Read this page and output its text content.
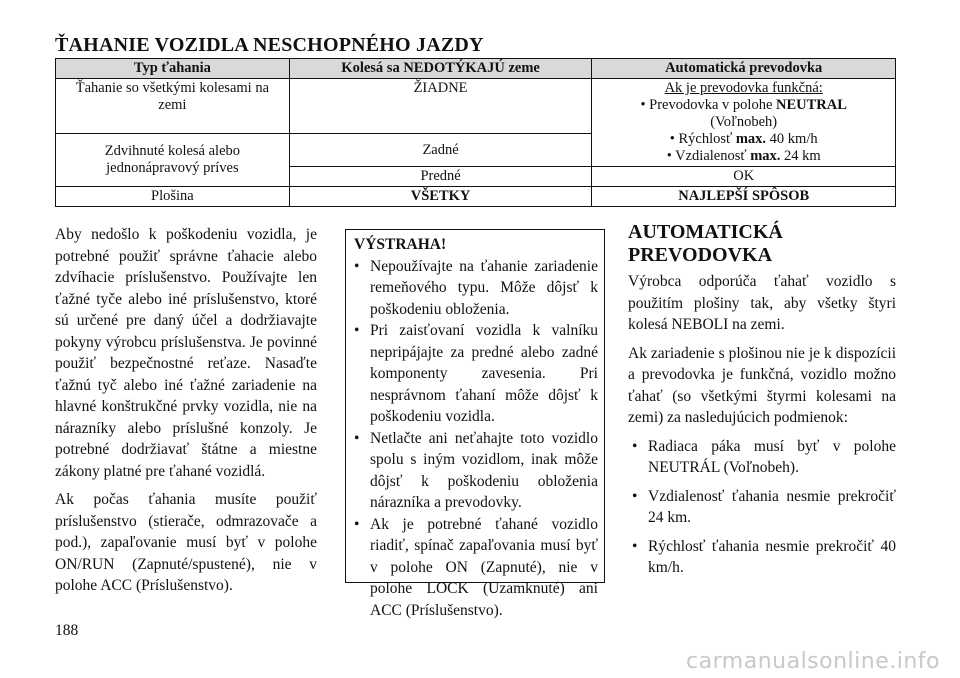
ŤAHANIE VOZIDLA NESCHOPNÉHO JAZDY
Typ ťahania	Kolesá sa NEDOTÝKAJÚ zeme	Automatická prevodovka
Ťahanie so všetkými kolesami na zemi	ŽIADNE	Ak je prevodovka funkčná:
• Prevodovka v polohe NEUTRAL
(Voľnobeh)
• Rýchlosť max. 40 km/h
• Vzdialenosť max. 24 km

Zdvihnuté kolesá alebo jednonápravový príves	Zadné	
	Predné	OK
Plošina	VŠETKY	NAJLEPŠÍ SPÔSOB

Aby nedošlo k poškodeniu vozidla, je potrebné použiť správne ťahacie alebo zdvíhacie príslušenstvo. Používajte len ťažné tyče alebo iné príslušenstvo, ktoré sú určené pre daný účel a dodržiavajte pokyny výrobcu príslušenstva. Je povinné použiť bezpečnostné reťaze. Nasaďte ťažnú tyč alebo iné ťažné zariadenie na hlavné konštrukčné prvky vozidla, nie na nárazníky alebo príslušné konzoly. Je potrebné dodržiavať štátne a miestne zákony platné pre ťahané vozidlá.

Ak počas ťahania musíte použiť príslušenstvo (stierače, odmrazovače a pod.), zapaľovanie musí byť v polohe ON/RUN (Zapnuté/spustené), nie v polohe ACC (Príslušenstvo).

VÝSTRAHA!
• Nepoužívajte na ťahanie zariadenie remeňového typu. Môže dôjsť k poškodeniu obloženia.
• Pri zaisťovaní vozidla k valníku nepripájajte za predné alebo zadné komponenty zavesenia. Pri nesprávnom ťahaní môže dôjsť k poškodeniu vozidla.
• Netlačte ani neťahajte toto vozidlo spolu s iným vozidlom, inak môže dôjsť k poškodeniu obloženia nárazníka a prevodovky.
• Ak je potrebné ťahané vozidlo riadiť, spínač zapaľovania musí byť v polohe ON (Zapnuté), nie v polohe LOCK (Uzamknuté) ani ACC (Príslušenstvo).
AUTOMATICKÁ PREVODOVKA

Výrobca odporúča ťahať vozidlo s použitím plošiny tak, aby všetky štyri kolesá NEBOLI na zemi.

Ak zariadenie s plošinou nie je k dispozícii a prevodovka je funkčná, vozidlo možno ťahať (so všetkými štyrmi kolesami na zemi) za nasledujúcich podmienok:

• Radiaca páka musí byť v polohe NEUTRÁL (Voľnobeh).
• Vzdialenosť ťahania nesmie prekročiť 24 km.
• Rýchlosť ťahania nesmie prekročiť 40 km/h.
188
carmanualsonline.info
